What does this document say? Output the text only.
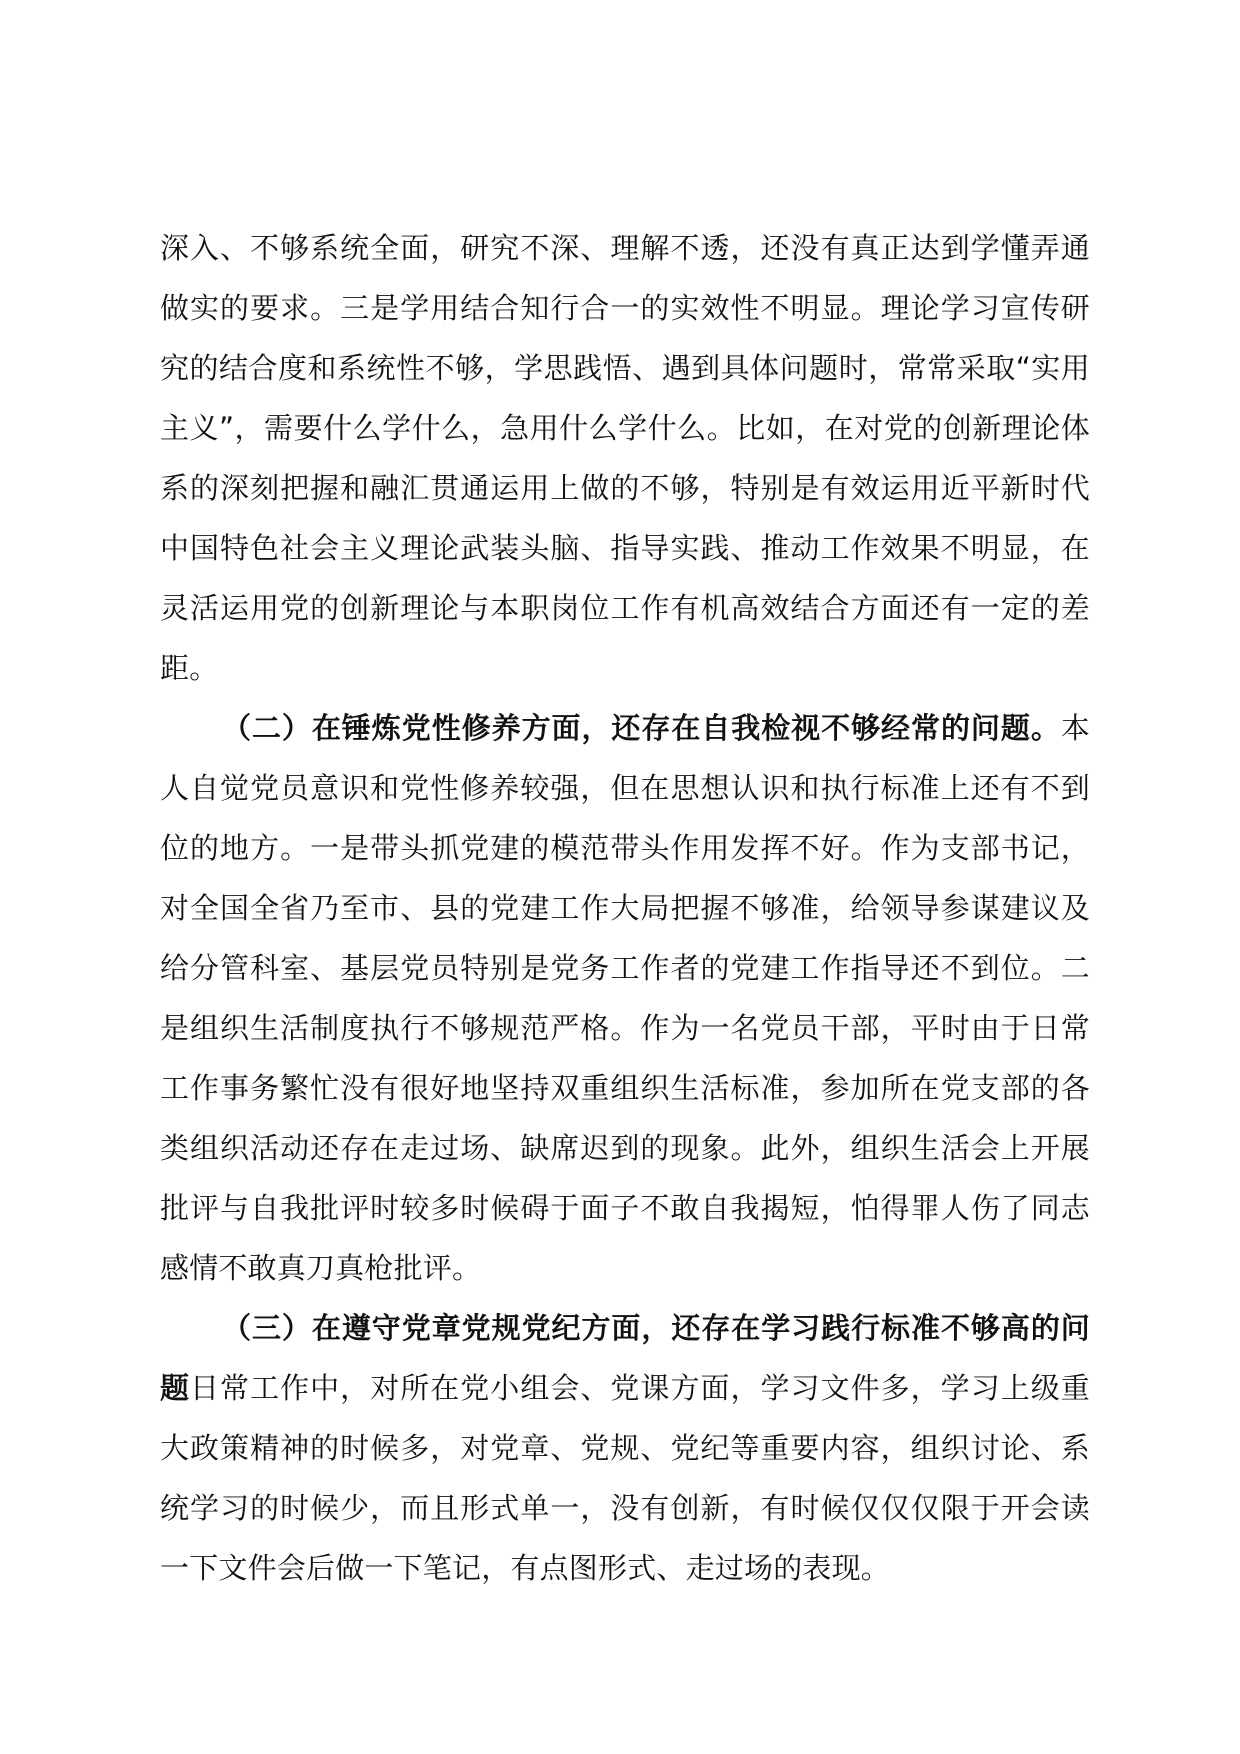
深入、不够系统全面，研究不深、理解不透，还没有真正达到学懂弄通做实的要求。三是学用结合知行合一的实效性不明显。理论学习宣传研究的结合度和系统性不够，学思践悟、遇到具体问题时，常常采取“实用主义”，需要什么学什么，急用什么学什么。比如，在对党的创新理论体系的深刻把握和融汇贯通运用上做的不够，特别是有效运用近平新时代中国特色社会主义理论武装头脑、指导实践、推动工作效果不明显，在灵活运用党的创新理论与本职岗位工作有机高效结合方面还有一定的差距。

（二）在锤炼党性修养方面，还存在自我检视不够经常的问题。本人自觉党员意识和党性修养较强，但在思想认识和执行标准上还有不到位的地方。一是带头抓党建的模范带头作用发挥不好。作为支部书记，对全国全省乃至市、县的党建工作大局把握不够准，给领导参谋建议及给分管科室、基层党员特别是党务工作者的党建工作指导还不到位。二是组织生活制度执行不够规范严格。作为一名党员干部，平时由于日常工作事务繁忙没有很好地坚持双重组织生活标准，参加所在党支部的各类组织活动还存在走过场、缺席迟到的现象。此外，组织生活会上开展批评与自我批评时较多时候碍于面子不敢自我揭短，怕得罪人伤了同志感情不敢真刀真枪批评。

（三）在遵守党章党规党纪方面，还存在学习践行标准不够高的问题日常工作中，对所在党小组会、党课方面，学习文件多，学习上级重大政策精神的时候多，对党章、党规、党纪等重要内容，组织讨论、系统学习的时候少，而且形式单一，没有创新，有时候仅仅仅限于开会读一下文件会后做一下笔记，有点图形式、走过场的表现。
